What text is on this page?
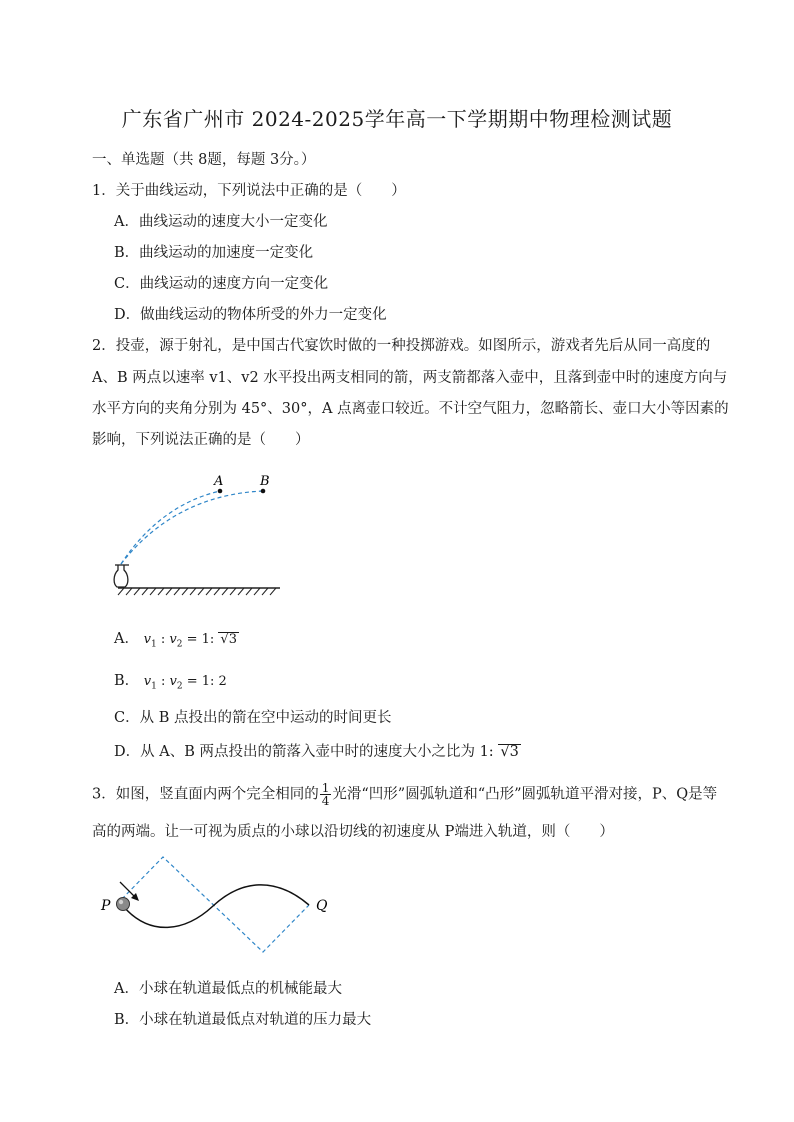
广东省广州市 2024-2025学年高一下学期期中物理检测试题
一、单选题（共 8题，每题 3分。）
1．关于曲线运动，下列说法中正确的是（　　）
A．曲线运动的速度大小一定变化
B．曲线运动的加速度一定变化
C．曲线运动的速度方向一定变化
D．做曲线运动的物体所受的外力一定变化
2．投壶，源于射礼，是中国古代宴饮时做的一种投掷游戏。如图所示，游戏者先后从同一高度的
A、B 两点以速率 v1、v2 水平投出两支相同的箭，两支箭都落入壶中，且落到壶中时的速度方向与
水平方向的夹角分别为 45°、30°，A 点离壶口较近。不计空气阻力，忽略箭长、壶口大小等因素的
影响，下列说法正确的是（　　）
A	B
A． $v_1$ : $v_2 = 1$: √3
B． $v_1$ : $v_2 = 1$: 2
C．从 B 点投出的箭在空中运动的时间更长
D．从 A、B 两点投出的箭落入壶中时的速度大小之比为 1: √3
3．如图，竖直面内两个完全相同的 $\frac{1}{4}$ 光滑“凹形”圆弧轨道和“凸形”圆弧轨道平滑对接，P、Q是等
高的两端。让一可视为质点的小球以沿切线的初速度从 P端进入轨道，则（　　）
P	Q
A．小球在轨道最低点的机械能最大
B．小球在轨道最低点对轨道的压力最大
